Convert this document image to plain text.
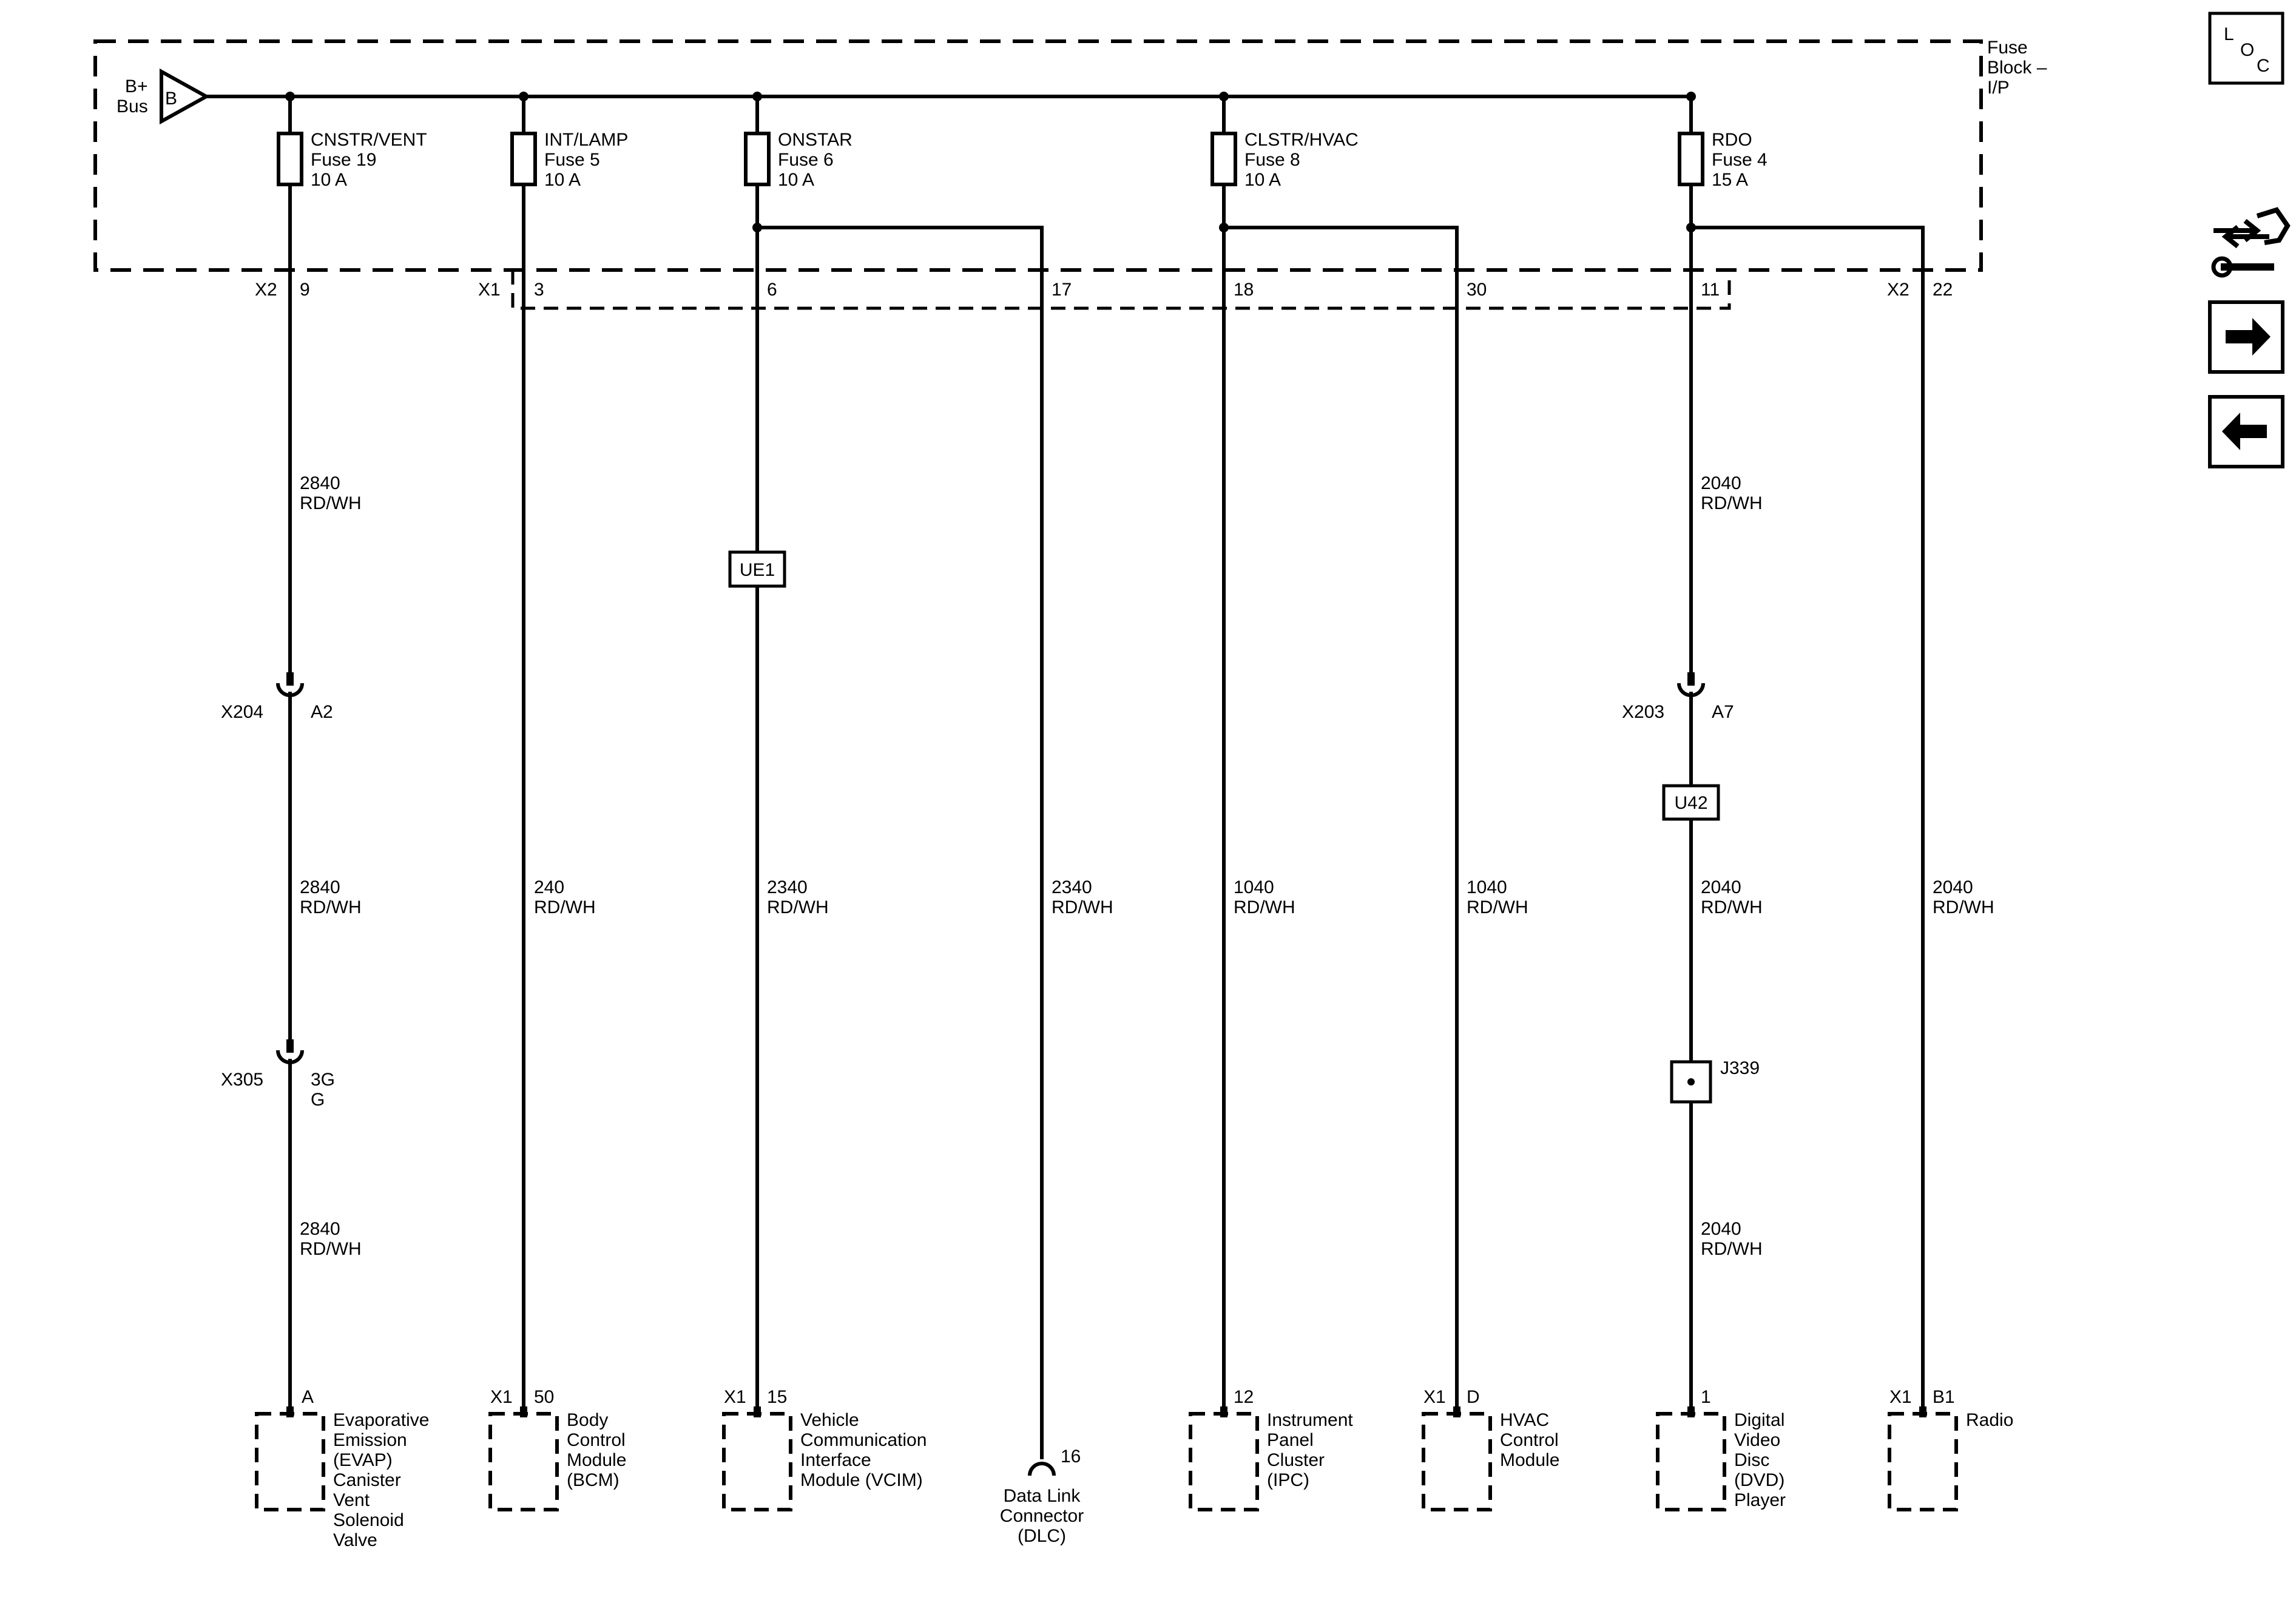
B
B+
Bus
Fuse
Block –
I/P
CNSTR/VENT
Fuse 19
10 A
INT/LAMP
Fuse 5
10 A
ONSTAR
Fuse 6
10 A
CLSTR/HVAC
Fuse 8
10 A
RDO
Fuse 4
15 A
X2 9	X1 3	6	17	18	30	11	X2 22
2840
RD/WH
2840
RD/WH
2840
RD/WH
240
RD/WH
2340
RD/WH
2340
RD/WH
1040
RD/WH
1040
RD/WH
2040
RD/WH
2040
RD/WH
2040
RD/WH
2040
RD/WH
X204	A2
X305	3G
G
X203	A7
UE1
U42
J339
A	X1 50	X1 15
16
12	X1 D	1	X1 B1
Evaporative
Emission
(EVAP)
Canister
Vent
Solenoid
Valve
Body
Control
Module
(BCM)
Vehicle
Communication
Interface
Module (VCIM)
Data Link
Connector
(DLC)
Instrument
Panel
Cluster
(IPC)
HVAC
Control
Module
Digital
Video
Disc
(DVD)
Player
Radio
L
O
C
